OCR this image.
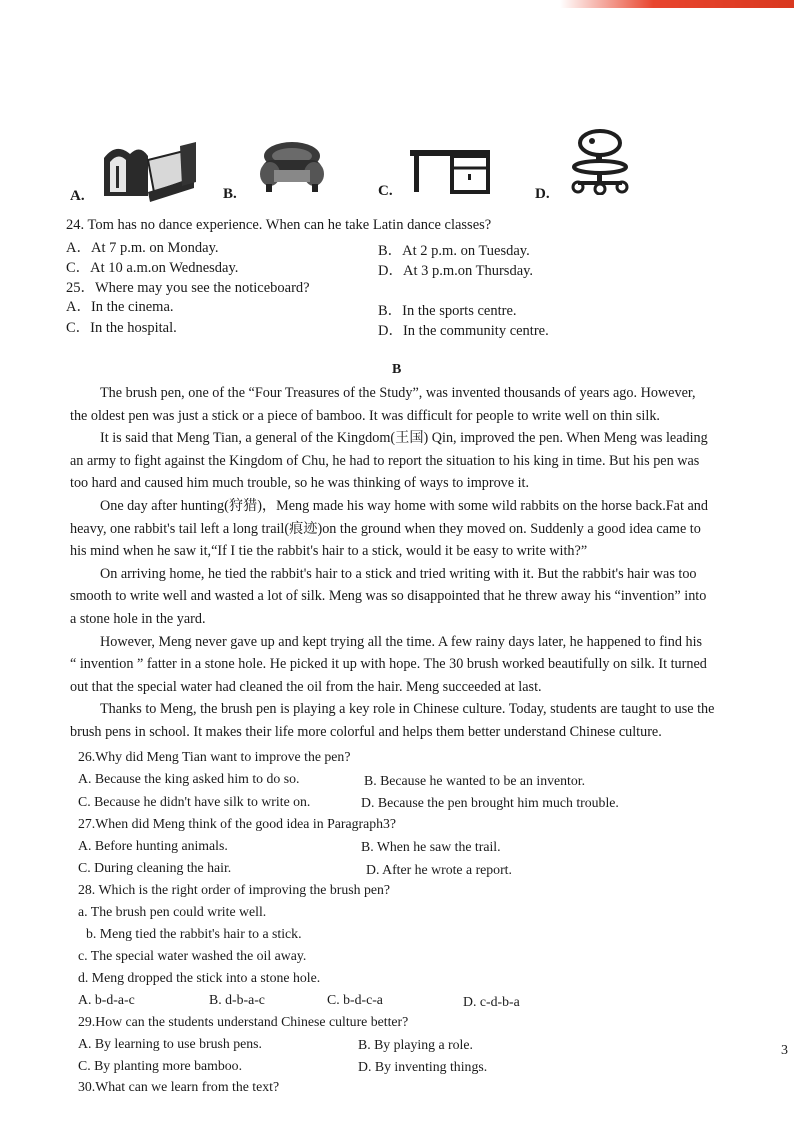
A.	B.	C.	D.
24. Tom has no dance experience. When can he take Latin dance classes?
A．At 7 p.m. on Monday.	B．At 2 p.m. on Tuesday.
C．At 10 a.m.on Wednesday.	D．At 3 p.m.on Thursday.
25．Where may you see the noticeboard?
A．In the cinema.	B．In the sports centre.
C．In the hospital.	D．In the community centre.
B
The brush pen, one of the “Four Treasures of the Study”, was invented thousands of years ago. However,
the oldest pen was just a stick or a piece of bamboo. It was difficult for people to write well on thin silk.
It is said that Meng Tian, a general of the Kingdom(王国) Qin, improved the pen. When Meng was leading
an army to fight against the Kingdom of Chu, he had to report the situation to his king in time. But his pen was
too hard and caused him much trouble, so he was thinking of ways to improve it.
One day after hunting(狩猎)，Meng made his way home with some wild rabbits on the horse back.Fat and
heavy, one rabbit's tail left a long trail(痕迹)on the ground when they moved on. Suddenly a good idea came to
his mind when he saw it,“If I tie the rabbit's hair to a stick, would it be easy to write with?”
On arriving home, he tied the rabbit's hair to a stick and tried writing with it. But the rabbit's hair was too
smooth to write well and wasted a lot of silk. Meng was so disappointed that he threw away his “invention” into
a stone hole in the yard.
However, Meng never gave up and kept trying all the time. A few rainy days later, he happened to find his
“ invention ” fatter in a stone hole. He picked it up with hope. The 30 brush worked beautifully on silk. It turned
out that the special water had cleaned the oil from the hair. Meng succeeded at last.
Thanks to Meng, the brush pen is playing a key role in Chinese culture. Today, students are taught to use the
brush pens in school. It makes their life more colorful and helps them better understand Chinese culture.
26.Why did Meng Tian want to improve the pen?
A. Because the king asked him to do so.	B. Because he wanted to be an inventor.
C. Because he didn't have silk to write on.	D. Because the pen brought him much trouble.
27.When did Meng think of the good idea in Paragraph3?
A. Before hunting animals.	B. When he saw the trail.
C. During cleaning the hair.	D. After he wrote a report.
28. Which is the right order of improving the brush pen?
a. The brush pen could write well.
b. Meng tied the rabbit's hair to a stick.
c. The special water washed the oil away.
d. Meng dropped the stick into a stone hole.
A. b-d-a-c	B. d-b-a-c	C. b-d-c-a	D. c-d-b-a
29.How can the students understand Chinese culture better?
A. By learning to use brush pens.	B. By playing a role.
C. By planting more bamboo.	D. By inventing things.
30.What can we learn from the text?
3
